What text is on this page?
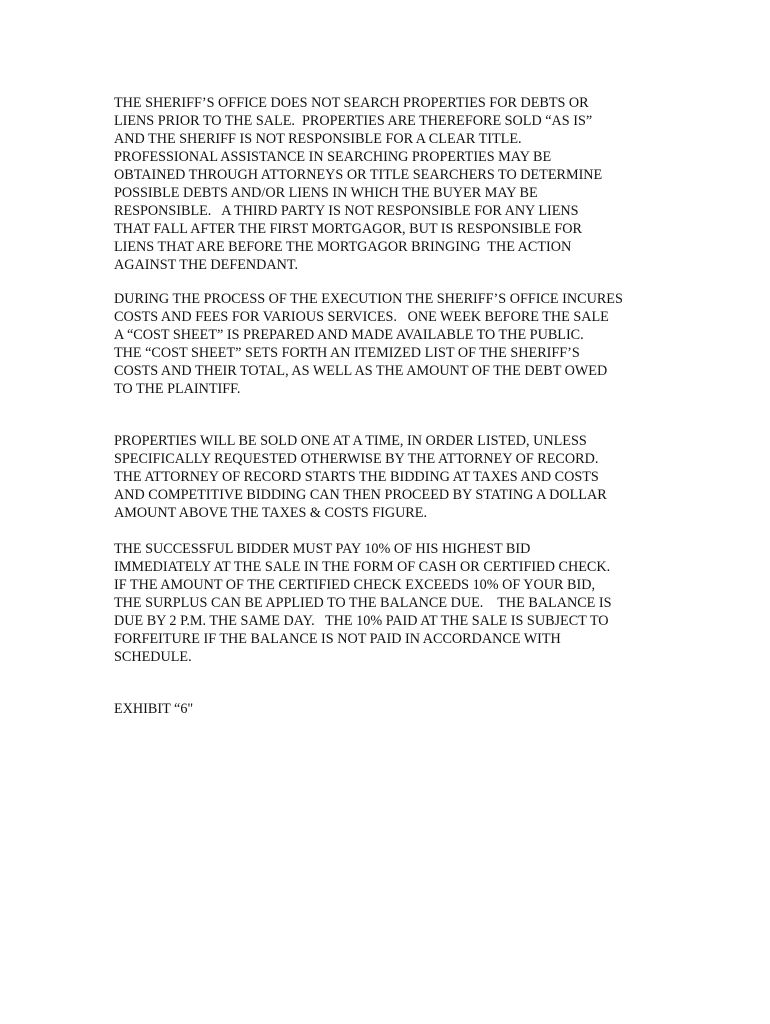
THE SHERIFF’S OFFICE DOES NOT SEARCH PROPERTIES FOR DEBTS OR
LIENS PRIOR TO THE SALE.  PROPERTIES ARE THEREFORE SOLD “AS IS”
AND THE SHERIFF IS NOT RESPONSIBLE FOR A CLEAR TITLE.
PROFESSIONAL ASSISTANCE IN SEARCHING PROPERTIES MAY BE
OBTAINED THROUGH ATTORNEYS OR TITLE SEARCHERS TO DETERMINE
POSSIBLE DEBTS AND/OR LIENS IN WHICH THE BUYER MAY BE
RESPONSIBLE.   A THIRD PARTY IS NOT RESPONSIBLE FOR ANY LIENS
THAT FALL AFTER THE FIRST MORTGAGOR, BUT IS RESPONSIBLE FOR
LIENS THAT ARE BEFORE THE MORTGAGOR BRINGING  THE ACTION
AGAINST THE DEFENDANT.
DURING THE PROCESS OF THE EXECUTION THE SHERIFF’S OFFICE INCURES
COSTS AND FEES FOR VARIOUS SERVICES.   ONE WEEK BEFORE THE SALE
A “COST SHEET” IS PREPARED AND MADE AVAILABLE TO THE PUBLIC.
THE “COST SHEET” SETS FORTH AN ITEMIZED LIST OF THE SHERIFF’S
COSTS AND THEIR TOTAL, AS WELL AS THE AMOUNT OF THE DEBT OWED
TO THE PLAINTIFF.
PROPERTIES WILL BE SOLD ONE AT A TIME, IN ORDER LISTED, UNLESS
SPECIFICALLY REQUESTED OTHERWISE BY THE ATTORNEY OF RECORD.
THE ATTORNEY OF RECORD STARTS THE BIDDING AT TAXES AND COSTS
AND COMPETITIVE BIDDING CAN THEN PROCEED BY STATING A DOLLAR
AMOUNT ABOVE THE TAXES & COSTS FIGURE.
THE SUCCESSFUL BIDDER MUST PAY 10% OF HIS HIGHEST BID
IMMEDIATELY AT THE SALE IN THE FORM OF CASH OR CERTIFIED CHECK.
IF THE AMOUNT OF THE CERTIFIED CHECK EXCEEDS 10% OF YOUR BID,
THE SURPLUS CAN BE APPLIED TO THE BALANCE DUE.    THE BALANCE IS
DUE BY 2 P.M. THE SAME DAY.   THE 10% PAID AT THE SALE IS SUBJECT TO
FORFEITURE IF THE BALANCE IS NOT PAID IN ACCORDANCE WITH
SCHEDULE.
EXHIBIT “6"
